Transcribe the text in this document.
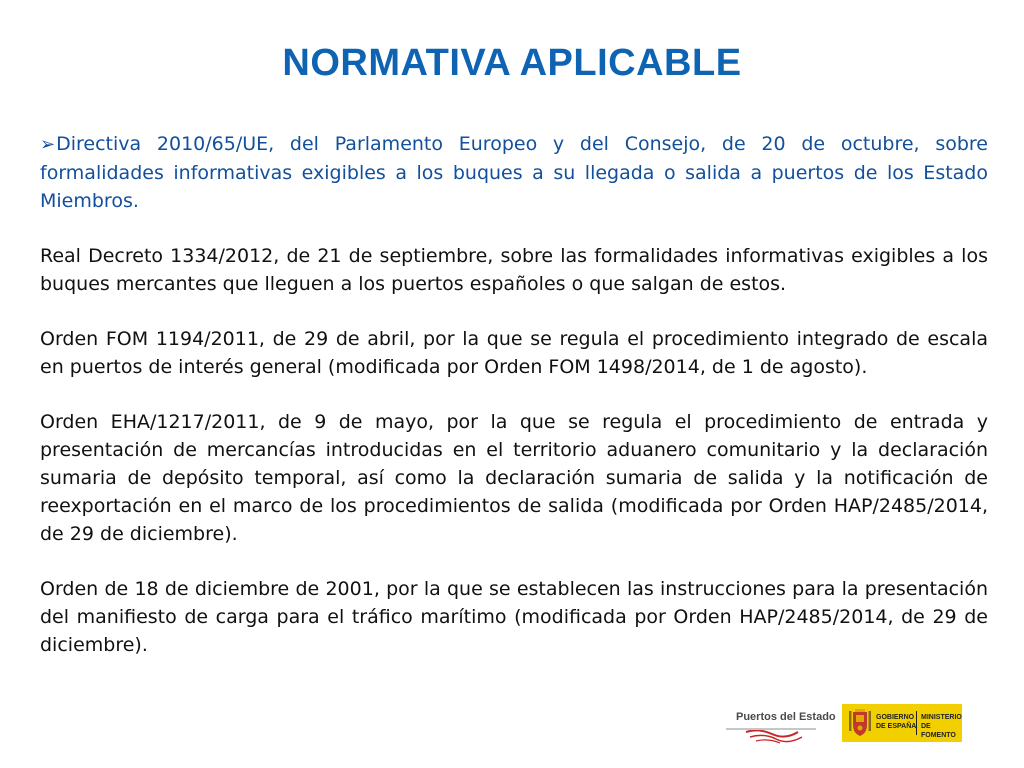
NORMATIVA APLICABLE

➢Directiva 2010/65/UE, del Parlamento Europeo y del Consejo, de 20 de octubre, sobre formalidades informativas exigibles a los buques a su llegada o salida a puertos de los Estado Miembros.

Real Decreto 1334/2012, de 21 de septiembre, sobre las formalidades informativas exigibles a los buques mercantes que lleguen a los puertos españoles o que salgan de estos.

Orden FOM 1194/2011, de 29 de abril, por la que se regula el procedimiento integrado de escala en puertos de interés general (modificada por Orden FOM 1498/2014, de 1 de agosto).

Orden EHA/1217/2011, de 9 de mayo, por la que se regula el procedimiento de entrada y presentación de mercancías introducidas en el territorio aduanero comunitario y la declaración sumaria de depósito temporal, así como la declaración sumaria de salida y la notificación de reexportación en el marco de los procedimientos de salida (modificada por Orden HAP/2485/2014, de 29 de diciembre).

Orden de 18 de diciembre de 2001, por la que se establecen las instrucciones para la presentación del manifiesto de carga para el tráfico marítimo (modificada por Orden HAP/2485/2014, de 29 de diciembre).

Puertos del Estado	GOBIERNO
DE ESPAÑA
MINISTERIO
DE FOMENTO
